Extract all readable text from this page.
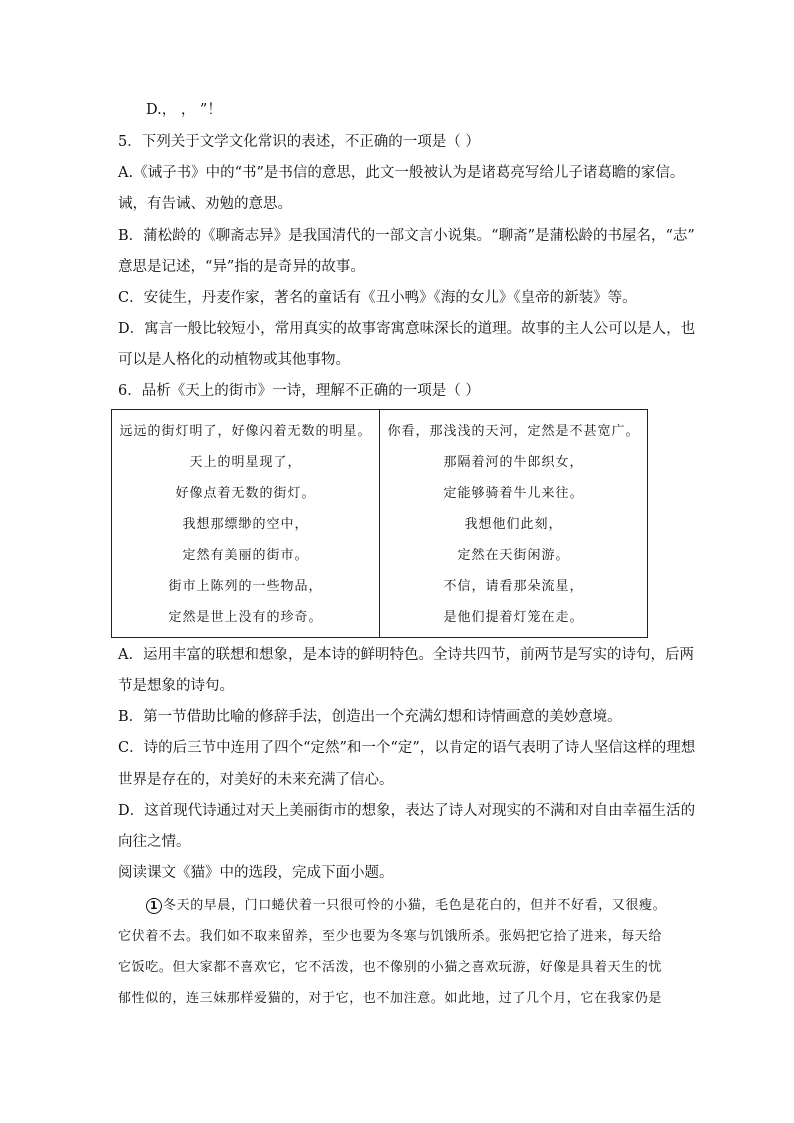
D.， ， ”！
5．下列关于文学文化常识的表述，不正确的一项是（ ）
A.《诫子书》中的“书”是书信的意思，此文一般被认为是诸葛亮写给儿子诸葛瞻的家信。
诫，有告诫、劝勉的意思。
B．蒲松龄的《聊斋志异》是我国清代的一部文言小说集。“聊斋”是蒲松龄的书屋名，“志”
意思是记述，“异”指的是奇异的故事。
C．安徒生，丹麦作家，著名的童话有《丑小鸭》《海的女儿》《皇帝的新装》等。
D．寓言一般比较短小，常用真实的故事寄寓意味深长的道理。故事的主人公可以是人，也
可以是人格化的动植物或其他事物。
6．品析《天上的街市》一诗，理解不正确的一项是（ ）
远远的街灯明了，好像闪着无数的明星。
天上的明星现了，
好像点着无数的街灯。
我想那缥缈的空中，
定然有美丽的街市。
街市上陈列的一些物品，
定然是世上没有的珍奇。
你看，那浅浅的天河，定然是不甚宽广。
那隔着河的牛郎织女，
定能够骑着牛儿来往。
我想他们此刻，
定然在天街闲游。
不信，请看那朵流星，
是他们提着灯笼在走。
A．运用丰富的联想和想象，是本诗的鲜明特色。全诗共四节，前两节是写实的诗句，后两
节是想象的诗句。
B．第一节借助比喻的修辞手法，创造出一个充满幻想和诗情画意的美妙意境。
C．诗的后三节中连用了四个“定然”和一个“定”，以肯定的语气表明了诗人坚信这样的理想
世界是存在的，对美好的未来充满了信心。
D．这首现代诗通过对天上美丽街市的想象，表达了诗人对现实的不满和对自由幸福生活的
向往之情。
阅读课文《猫》中的选段，完成下面小题。

1 冬天的早晨，门口蜷伏着一只很可怜的小猫，毛色是花白的，但并不好看，又很瘦。

它伏着不去。我们如不取来留养，至少也要为冬寒与饥饿所杀。张妈把它拾了进来，每天给

它饭吃。但大家都不喜欢它，它不活泼，也不像别的小猫之喜欢玩游，好像是具着天生的忧

郁性似的，连三妹那样爱猫的，对于它，也不加注意。如此地，过了几个月，它在我家仍是
